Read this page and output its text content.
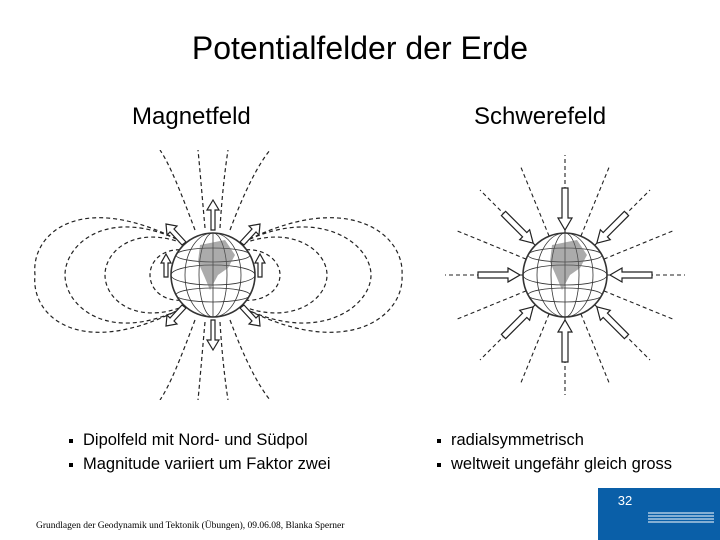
Potentialfelder der Erde
Magnetfeld	Schwerefeld
Dipolfeld mit Nord- und Südpol
Magnitude variiert um Faktor zwei
radialsymmetrisch
weltweit ungefähr gleich gross
Grundlagen der Geodynamik und Tektonik (Übungen), 09.06.08, Blanka Sperner
32
